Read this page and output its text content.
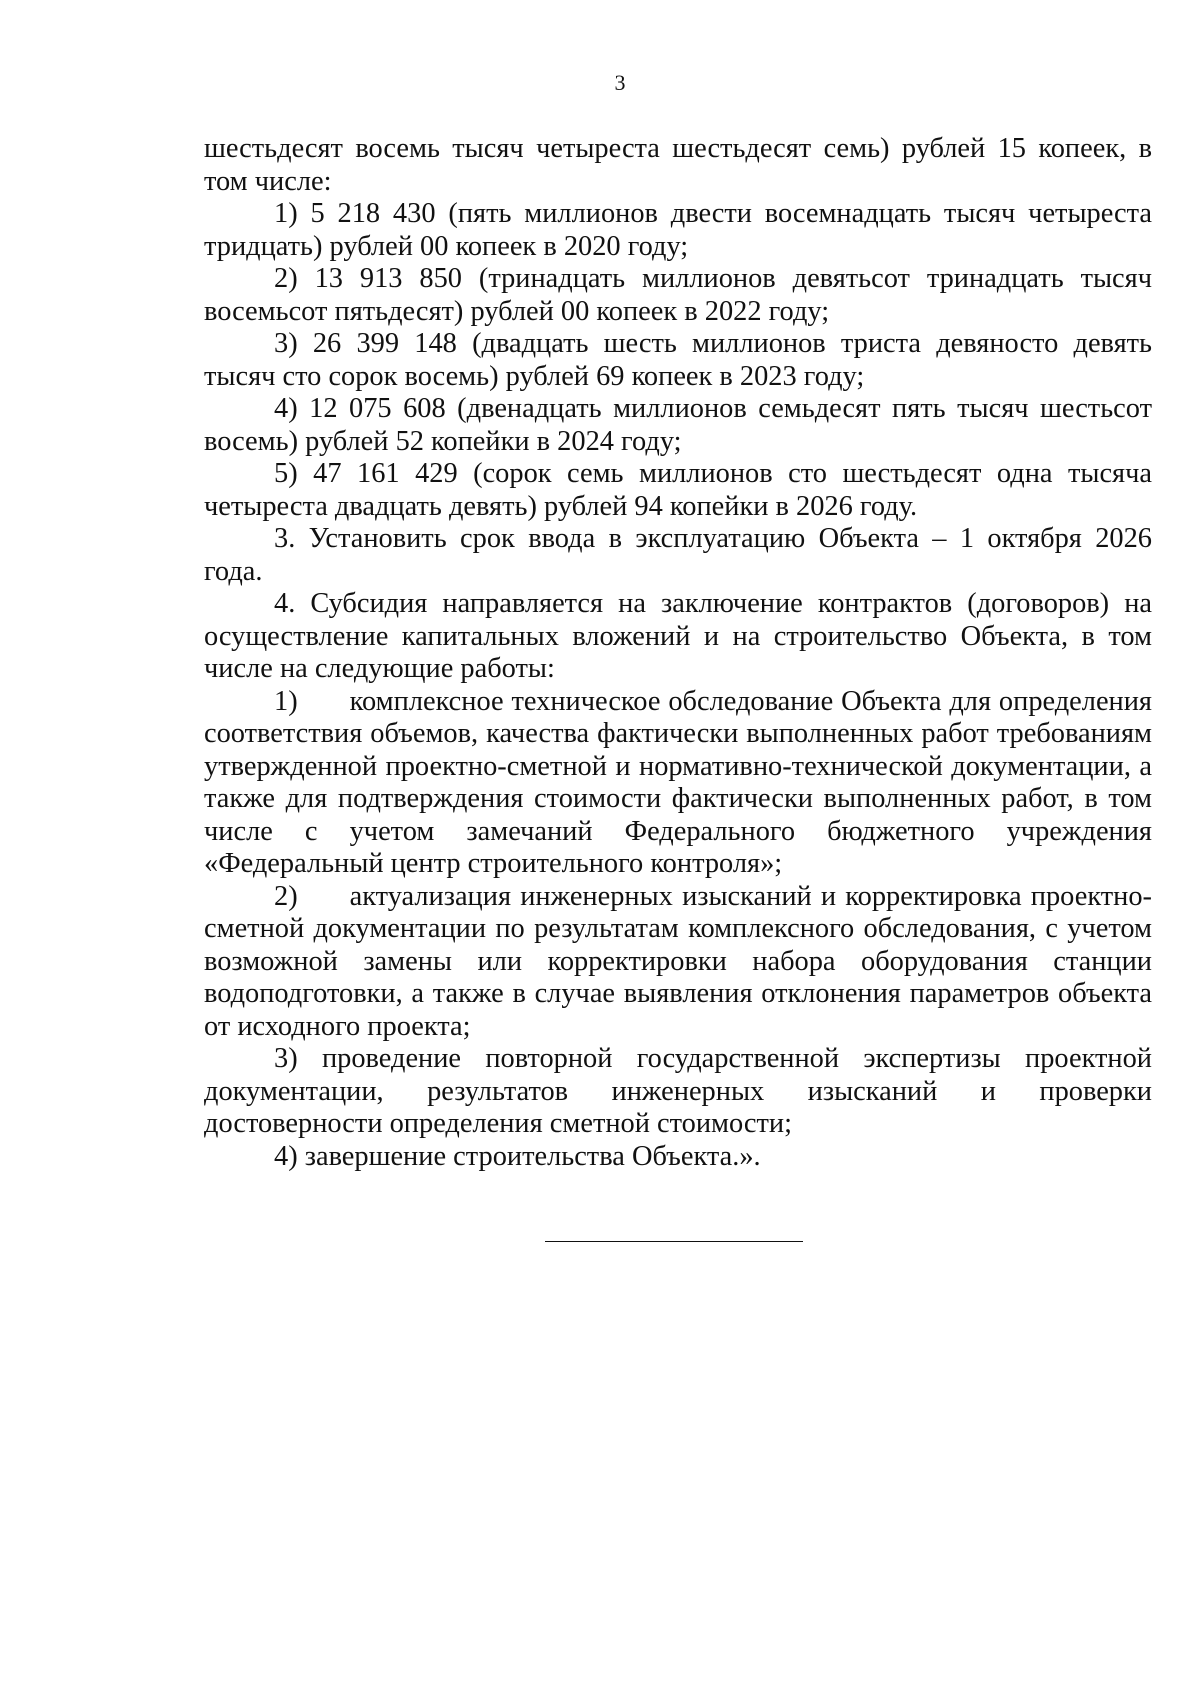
3

шестьдесят восемь тысяч четыреста шестьдесят семь) рублей 15 копеек, в том числе:

1) 5 218 430 (пять миллионов двести восемнадцать тысяч четыреста тридцать) рублей 00 копеек в 2020 году;

2) 13 913 850 (тринадцать миллионов девятьсот тринадцать тысяч восемьсот пятьдесят) рублей 00 копеек в 2022 году;

3) 26 399 148 (двадцать шесть миллионов триста девяносто девять тысяч сто сорок восемь) рублей 69 копеек в 2023 году;

4) 12 075 608 (двенадцать миллионов семьдесят пять тысяч шестьсот восемь) рублей 52 копейки в 2024 году;

5) 47 161 429 (сорок семь миллионов сто шестьдесят одна тысяча четыреста двадцать девять) рублей 94 копейки в 2026 году.

3. Установить срок ввода в эксплуатацию Объекта – 1 октября 2026 года.

4. Субсидия направляется на заключение контрактов (договоров) на осуществление капитальных вложений и на строительство Объекта, в том числе на следующие работы:

1) комплексное техническое обследование Объекта для определения соответствия объемов, качества фактически выполненных работ требованиям утвержденной проектно-сметной и нормативно-технической документации, а также для подтверждения стоимости фактически выполненных работ, в том числе с учетом замечаний Федерального бюджетного учреждения «Федеральный центр строительного контроля»;

2) актуализация инженерных изысканий и корректировка проектно-сметной документации по результатам комплексного обследования, с учетом возможной замены или корректировки набора оборудования станции водоподготовки, а также в случае выявления отклонения параметров объекта от исходного проекта;

3) проведение повторной государственной экспертизы проектной документации, результатов инженерных изысканий и проверки достоверности определения сметной стоимости;

4) завершение строительства Объекта.».
